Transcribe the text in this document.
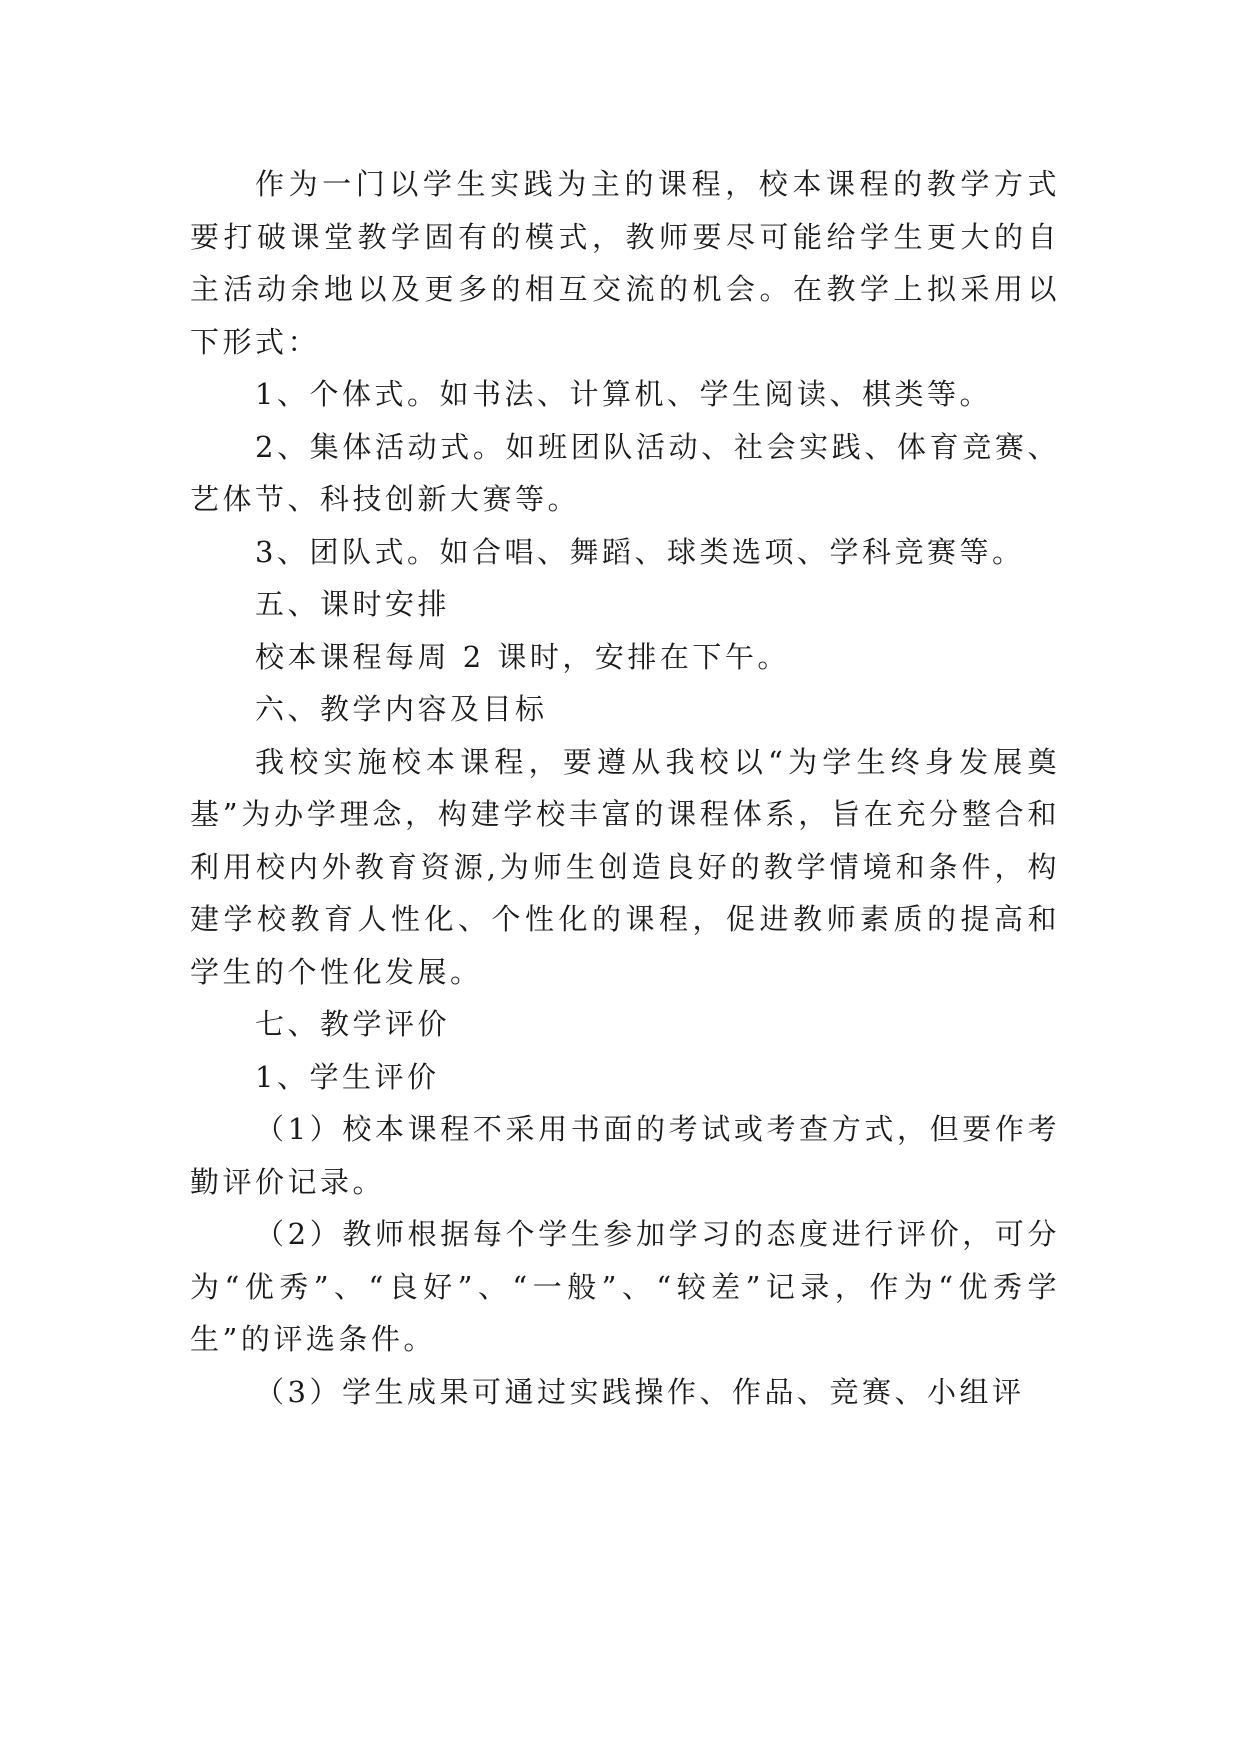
作为一门以学生实践为主的课程，校本课程的教学方式要打破课堂教学固有的模式，教师要尽可能给学生更大的自主活动余地以及更多的相互交流的机会。在教学上拟采用以下形式：

1、个体式。如书法、计算机、学生阅读、棋类等。

2、集体活动式。如班团队活动、社会实践、体育竞赛、艺体节、科技创新大赛等。

3、团队式。如合唱、舞蹈、球类选项、学科竞赛等。

五、课时安排

校本课程每周 2 课时，安排在下午。

六、教学内容及目标

我校实施校本课程，要遵从我校以“为学生终身发展奠基”为办学理念，构建学校丰富的课程体系，旨在充分整合和利用校内外教育资源,为师生创造良好的教学情境和条件，构建学校教育人性化、个性化的课程，促进教师素质的提高和学生的个性化发展。

七、教学评价

1、学生评价

（1）校本课程不采用书面的考试或考查方式，但要作考勤评价记录。

（2）教师根据每个学生参加学习的态度进行评价，可分为“优秀”、“良好”、“一般”、“较差”记录，作为“优秀学生”的评选条件。

（3）学生成果可通过实践操作、作品、竞赛、小组评
